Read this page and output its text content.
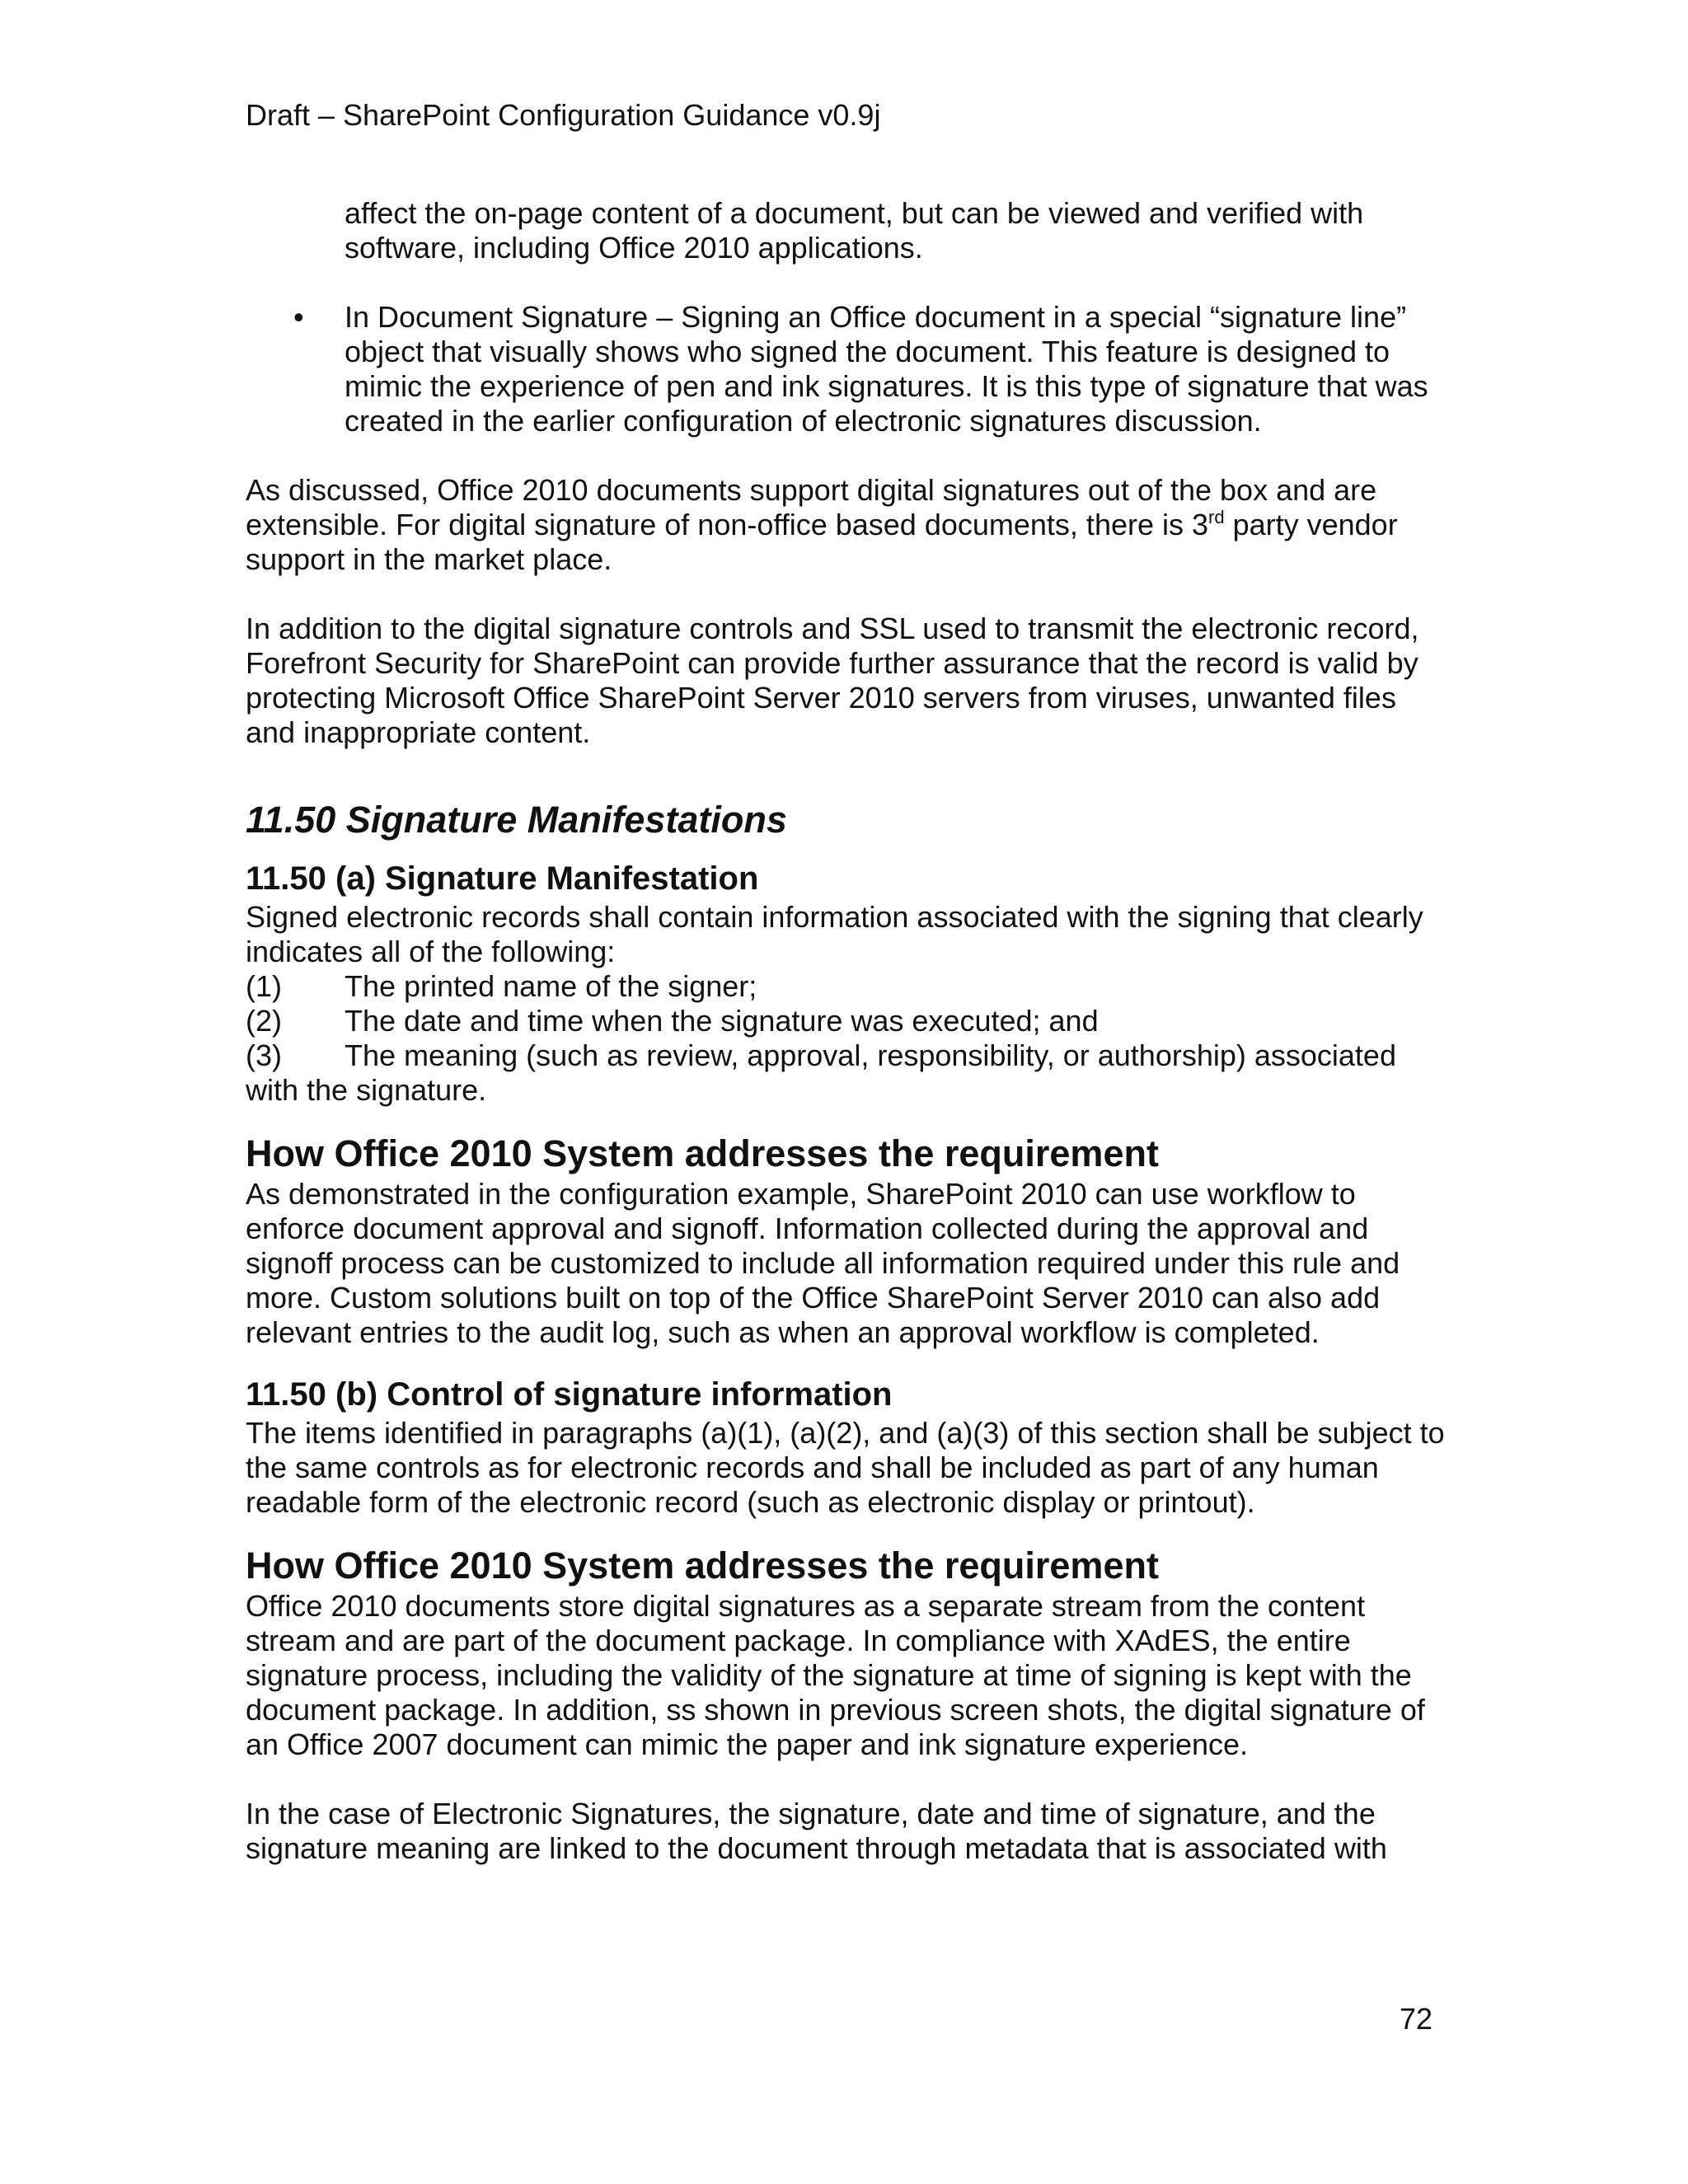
Draft – SharePoint Configuration Guidance v0.9j

affect the on-page content of a document, but can be viewed and verified with software, including Office 2010 applications.

• In Document Signature – Signing an Office document in a special “signature line” object that visually shows who signed the document. This feature is designed to mimic the experience of pen and ink signatures. It is this type of signature that was created in the earlier configuration of electronic signatures discussion.

As discussed, Office 2010 documents support digital signatures out of the box and are extensible. For digital signature of non-office based documents, there is 3rd party vendor support in the market place.

In addition to the digital signature controls and SSL used to transmit the electronic record, Forefront Security for SharePoint can provide further assurance that the record is valid by protecting Microsoft Office SharePoint Server 2010 servers from viruses, unwanted files and inappropriate content.

11.50 Signature Manifestations
11.50 (a) Signature Manifestation
Signed electronic records shall contain information associated with the signing that clearly indicates all of the following:
(1) The printed name of the signer;
(2) The date and time when the signature was executed; and
(3) The meaning (such as review, approval, responsibility, or authorship) associated
with the signature.
How Office 2010 System addresses the requirement
As demonstrated in the configuration example, SharePoint 2010 can use workflow to enforce document approval and signoff. Information collected during the approval and signoff process can be customized to include all information required under this rule and more. Custom solutions built on top of the Office SharePoint Server 2010 can also add relevant entries to the audit log, such as when an approval workflow is completed.
11.50 (b) Control of signature information
The items identified in paragraphs (a)(1), (a)(2), and (a)(3) of this section shall be subject to the same controls as for electronic records and shall be included as part of any human readable form of the electronic record (such as electronic display or printout).
How Office 2010 System addresses the requirement

Office 2010 documents store digital signatures as a separate stream from the content stream and are part of the document package. In compliance with XAdES, the entire signature process, including the validity of the signature at time of signing is kept with the document package. In addition, ss shown in previous screen shots, the digital signature of an Office 2007 document can mimic the paper and ink signature experience.

In the case of Electronic Signatures, the signature, date and time of signature, and the signature meaning are linked to the document through metadata that is associated with

72
